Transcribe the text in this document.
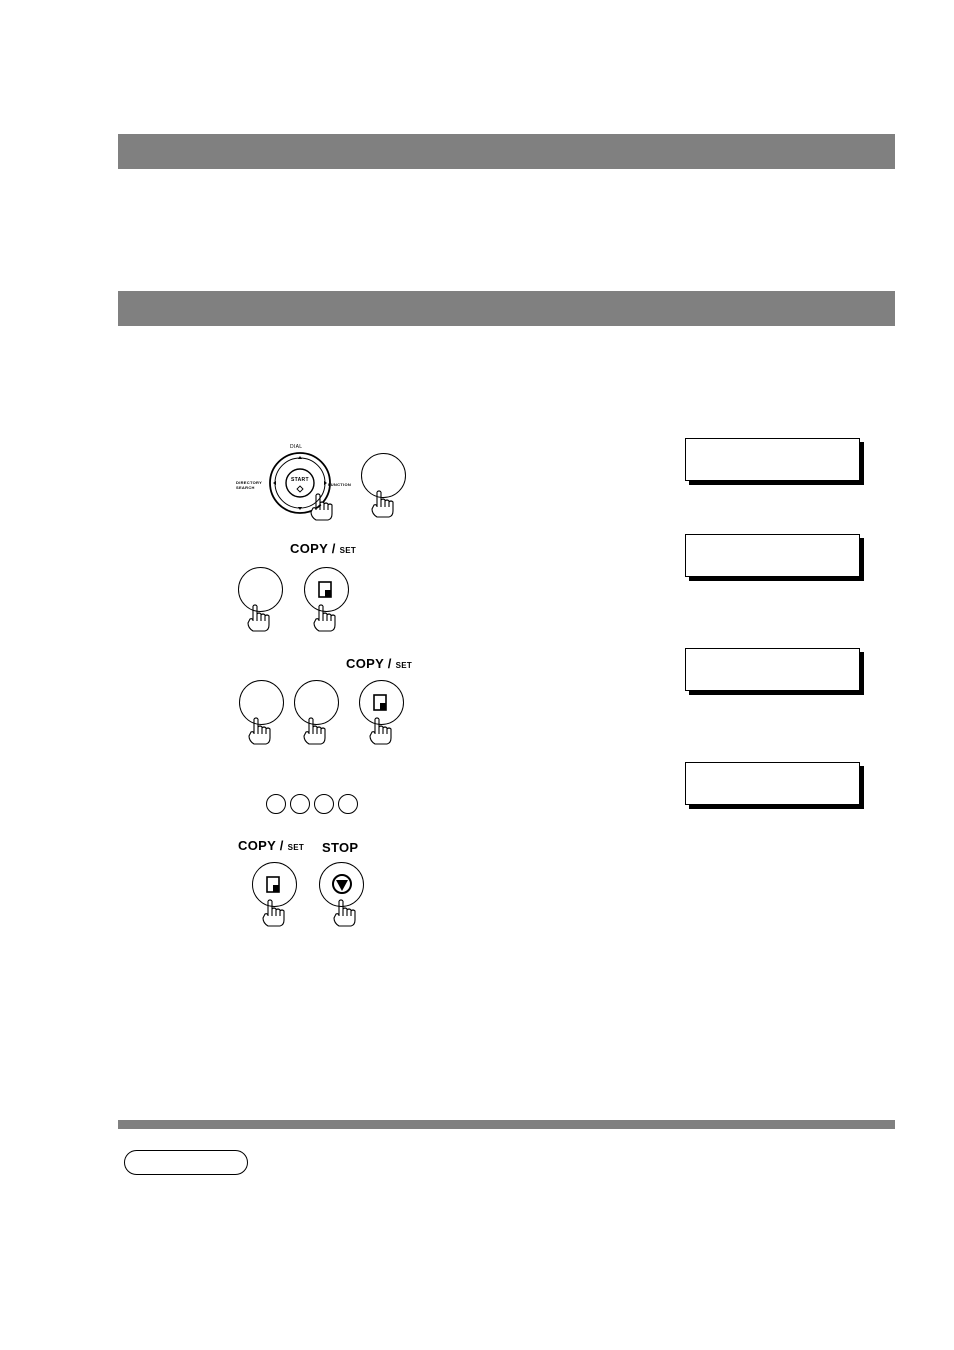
DIAL
START
DIRECTORY SEARCH
FUNCTION
COPY / SET
COPY / SET
COPY / SET STOP
